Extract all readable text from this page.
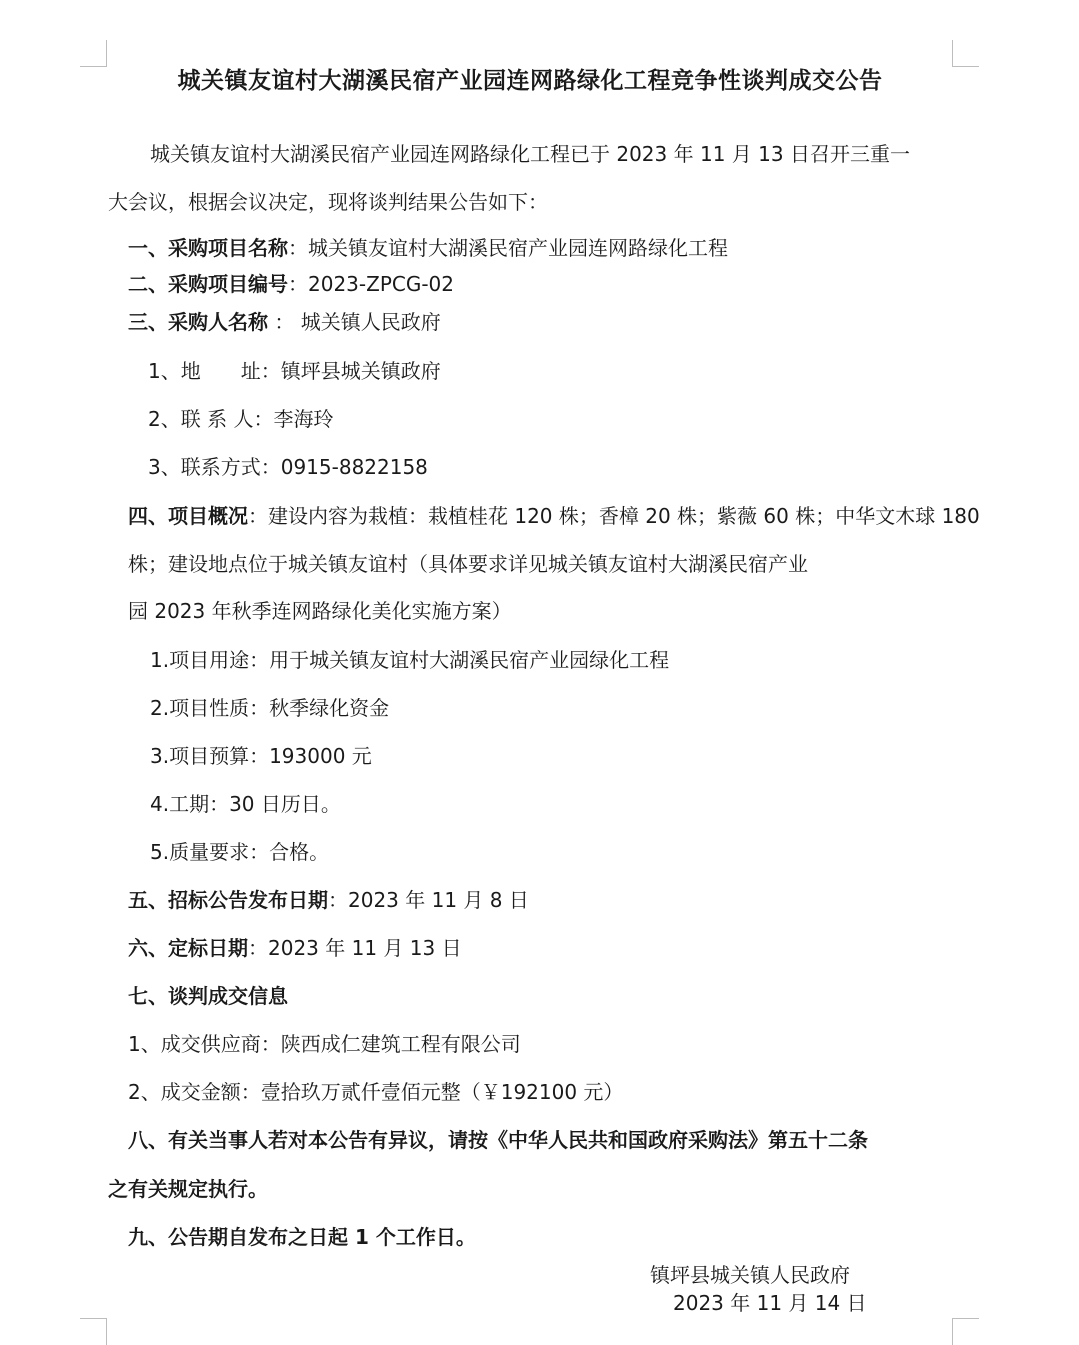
城关镇友谊村大湖溪民宿产业园连网路绿化工程竞争性谈判成交公告
城关镇友谊村大湖溪民宿产业园连网路绿化工程已于 2023 年 11 月 13 日召开三重一
大会议，根据会议决定，现将谈判结果公告如下：
一、采购项目名称：城关镇友谊村大湖溪民宿产业园连网路绿化工程
二、采购项目编号：2023-ZPCG-02
三、采购人名称 ： 城关镇人民政府
1、地　　址：镇坪县城关镇政府
2、联 系 人：李海玲
3、联系方式：0915-8822158
四、项目概况：建设内容为栽植：栽植桂花 120 株；香樟 20 株；紫薇 60 株；中华文木球 180
株；建设地点位于城关镇友谊村（具体要求详见城关镇友谊村大湖溪民宿产业
园 2023 年秋季连网路绿化美化实施方案）
1.项目用途：用于城关镇友谊村大湖溪民宿产业园绿化工程
2.项目性质：秋季绿化资金
3.项目预算：193000 元
4.工期：30 日历日。
5.质量要求：合格。
五、招标公告发布日期：2023 年 11 月 8 日
六、定标日期：2023 年 11 月 13 日
七、谈判成交信息
1、成交供应商：陕西成仁建筑工程有限公司
2、成交金额：壹拾玖万贰仟壹佰元整（￥192100 元）
八、有关当事人若对本公告有异议，请按《中华人民共和国政府采购法》第五十二条
之有关规定执行。
九、公告期自发布之日起 1 个工作日。
镇坪县城关镇人民政府
2023 年 11 月 14 日
